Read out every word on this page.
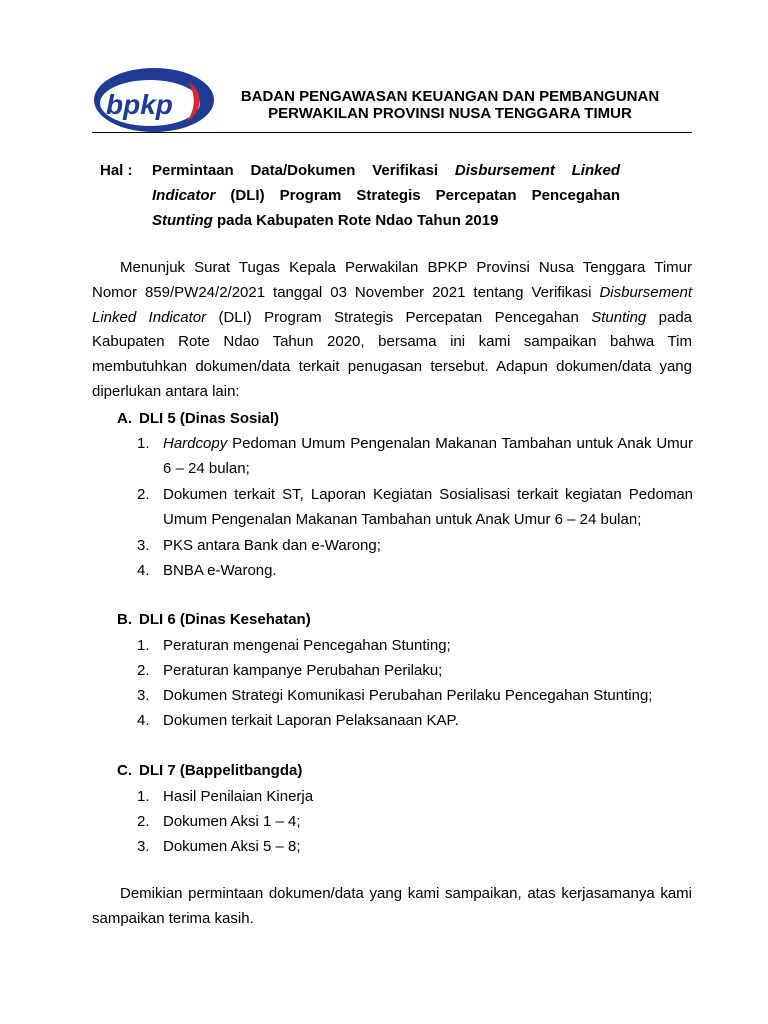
bpkp	BADAN PENGAWASAN KEUANGAN DAN PEMBANGUNAN
PERWAKILAN PROVINSI NUSA TENGGARA TIMUR
Hal : Permintaan Data/Dokumen Verifikasi Disbursement Linked Indicator (DLI) Program Strategis Percepatan Pencegahan Stunting pada Kabupaten Rote Ndao Tahun 2019
Menunjuk Surat Tugas Kepala Perwakilan BPKP Provinsi Nusa Tenggara Timur Nomor 859/PW24/2/2021 tanggal 03 November 2021 tentang Verifikasi Disbursement Linked Indicator (DLI) Program Strategis Percepatan Pencegahan Stunting pada Kabupaten Rote Ndao Tahun 2020, bersama ini kami sampaikan bahwa Tim membutuhkan dokumen/data terkait penugasan tersebut. Adapun dokumen/data yang diperlukan antara lain:
A. DLI 5 (Dinas Sosial)
1. Hardcopy Pedoman Umum Pengenalan Makanan Tambahan untuk Anak Umur 6 – 24 bulan;
2. Dokumen terkait ST, Laporan Kegiatan Sosialisasi terkait kegiatan Pedoman Umum Pengenalan Makanan Tambahan untuk Anak Umur 6 – 24 bulan;
3. PKS antara Bank dan e-Warong;
4. BNBA e-Warong.
B. DLI 6 (Dinas Kesehatan)
1. Peraturan mengenai Pencegahan Stunting;
2. Peraturan kampanye Perubahan Perilaku;
3. Dokumen Strategi Komunikasi Perubahan Perilaku Pencegahan Stunting;
4. Dokumen terkait Laporan Pelaksanaan KAP.
C. DLI 7 (Bappelitbangda)
1. Hasil Penilaian Kinerja
2. Dokumen Aksi 1 – 4;
3. Dokumen Aksi 5 – 8;
Demikian permintaan dokumen/data yang kami sampaikan, atas kerjasamanya kami sampaikan terima kasih.
